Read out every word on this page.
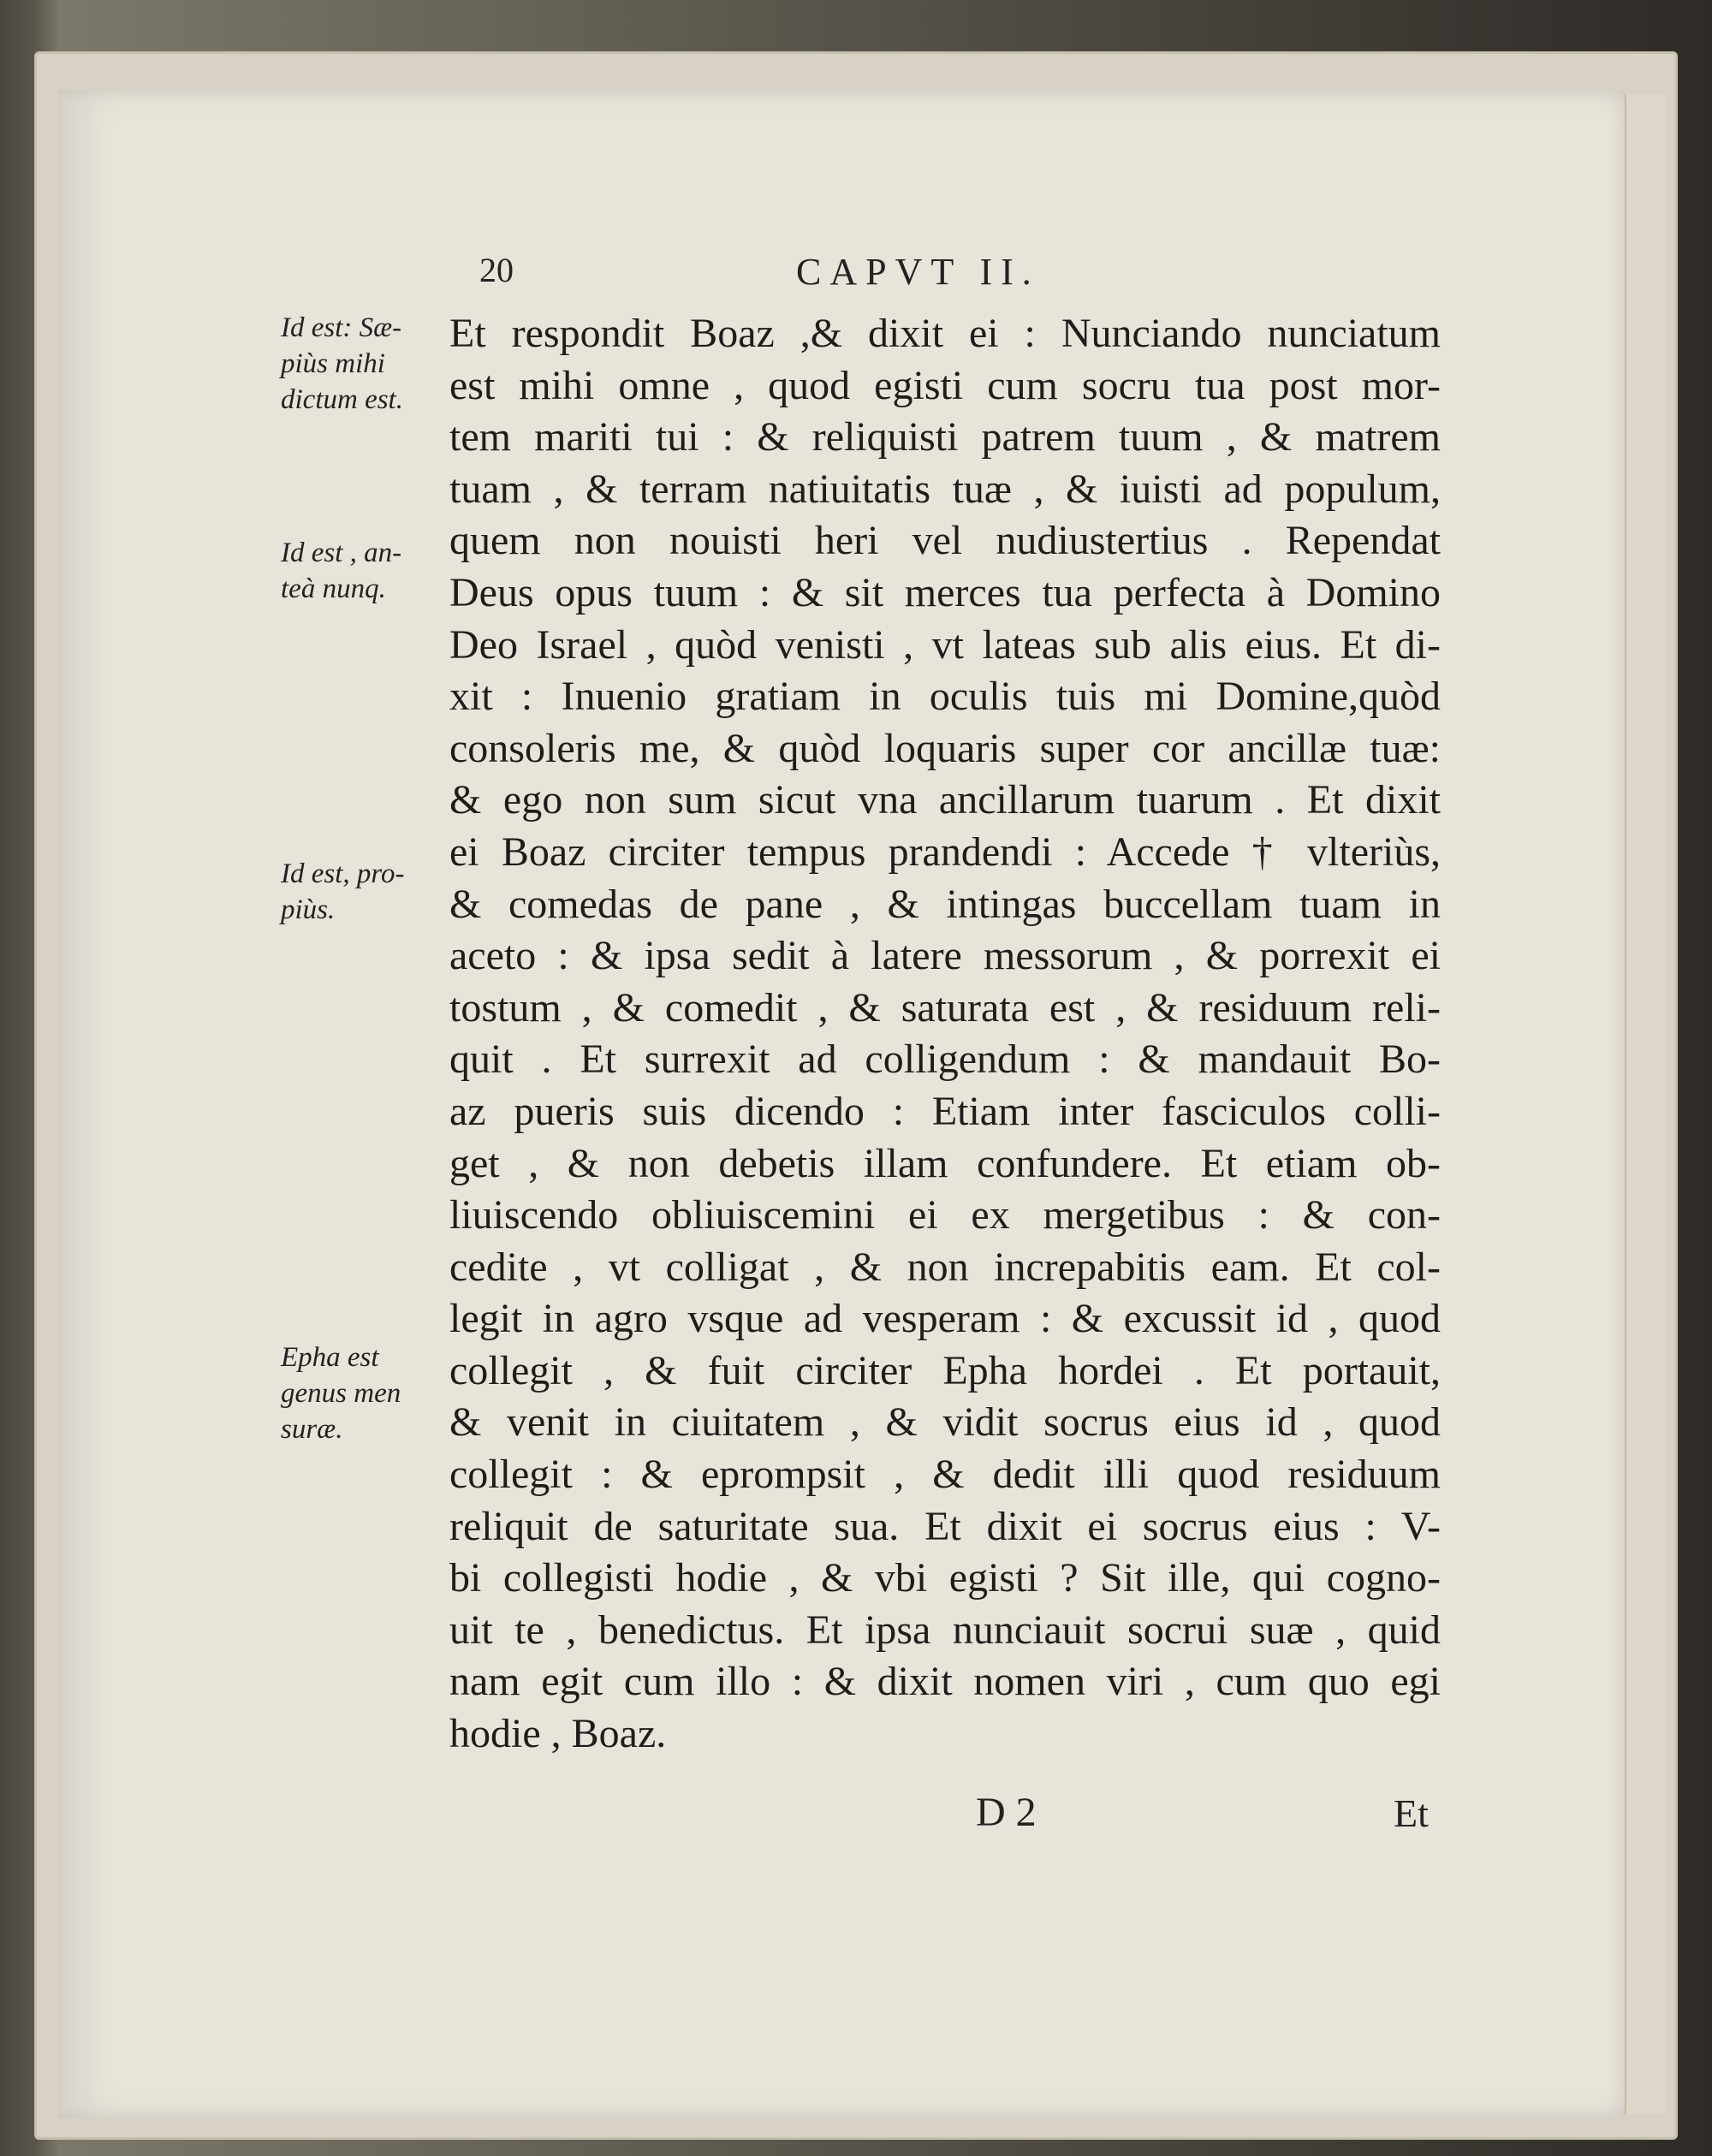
20	CAPVT II.
Et respondit Boaz ,& dixit ei : Nunciando nunciatum
est mihi omne , quod egisti cum socru tua post mor-
tem mariti tui : & reliquisti patrem tuum , & matrem
tuam , & terram natiuitatis tuæ , & iuisti ad populum,
quem non nouisti heri vel nudiustertius . Rependat
Deus opus tuum : & sit merces tua perfecta à Domino
Deo Israel , quòd venisti , vt lateas sub alis eius. Et di-
xit : Inuenio gratiam in oculis tuis mi Domine,quòd
consoleris me, & quòd loquaris super cor ancillæ tuæ:
& ego non sum sicut vna ancillarum tuarum . Et dixit
ei Boaz circiter tempus prandendi : Accede † vlteriùs,
& comedas de pane , & intingas buccellam tuam in
aceto : & ipsa sedit à latere messorum , & porrexit ei
tostum , & comedit , & saturata est , & residuum reli-
quit . Et surrexit ad colligendum : & mandauit Bo-
az pueris suis dicendo : Etiam inter fasciculos colli-
get , & non debetis illam confundere. Et etiam ob-
liuiscendo obliuiscemini ei ex mergetibus : & con-
cedite , vt colligat , & non increpabitis eam. Et col-
legit in agro vsque ad vesperam : & excussit id , quod
collegit , & fuit circiter Epha hordei . Et portauit,
& venit in ciuitatem , & vidit socrus eius id , quod
collegit : & eprompsit , & dedit illi quod residuum
reliquit de saturitate sua. Et dixit ei socrus eius : V-
bi collegisti hodie , & vbi egisti ? Sit ille, qui cogno-
uit te , benedictus. Et ipsa nunciauit socrui suæ , quid
nam egit cum illo : & dixit nomen viri , cum quo egi
hodie , Boaz.
Id est: Sæ-
piùs mihi
dictum est.
Id est , an-
teà nunq.
Id est, pro-
piùs.
Epha est
genus men
suræ.
D 2	Et
